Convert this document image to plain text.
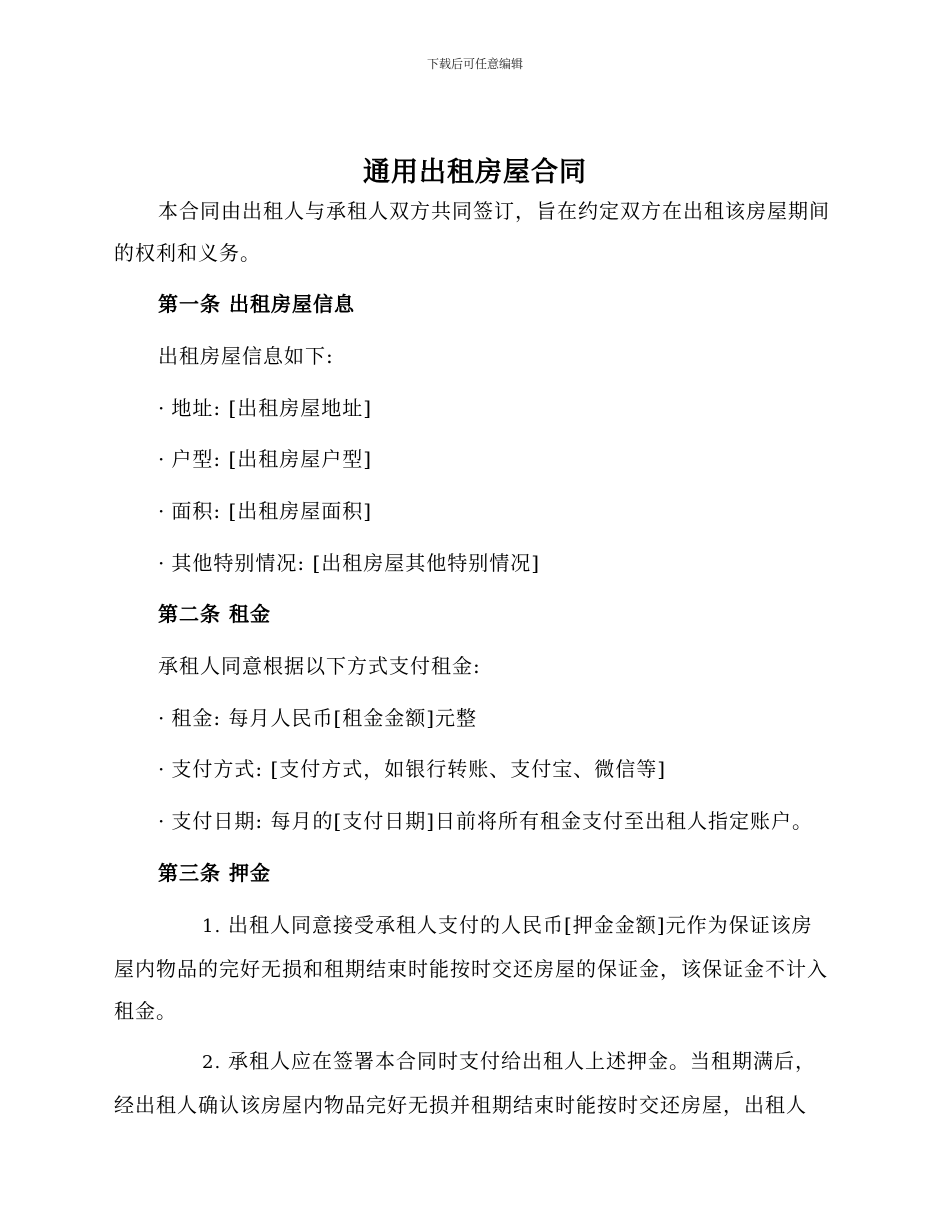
下载后可任意编辑
通用出租房屋合同
本合同由出租人与承租人双方共同签订，旨在约定双方在出租该房屋期间的权利和义务。
第一条 出租房屋信息
出租房屋信息如下:
· 地址: [出租房屋地址]
· 户型: [出租房屋户型]
· 面积: [出租房屋面积]
· 其他特别情况: [出租房屋其他特别情况]
第二条 租金
承租人同意根据以下方式支付租金:
· 租金: 每月人民币[租金金额]元整
· 支付方式: [支付方式，如银行转账、支付宝、微信等]
· 支付日期: 每月的[支付日期]日前将所有租金支付至出租人指定账户。
第三条 押金
1. 出租人同意接受承租人支付的人民币[押金金额]元作为保证该房屋内物品的完好无损和租期结束时能按时交还房屋的保证金，该保证金不计入租金。
2. 承租人应在签署本合同时支付给出租人上述押金。当租期满后，经出租人确认该房屋内物品完好无损并租期结束时能按时交还房屋，出租人
